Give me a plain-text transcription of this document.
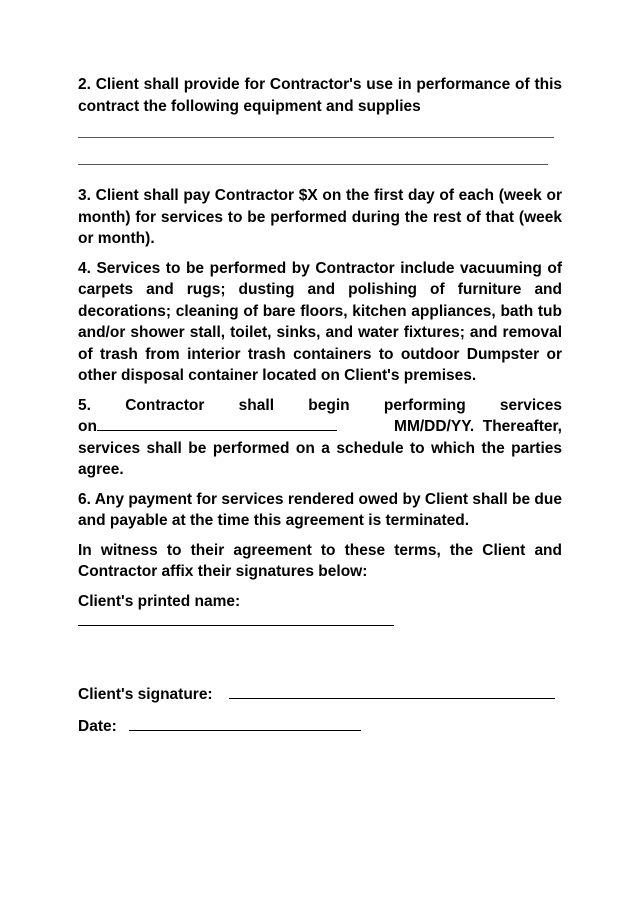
2. Client shall provide for Contractor's use in performance of this contract the following equipment and supplies

3. Client shall pay Contractor $X on the first day of each (week or month) for services to be performed during the rest of that (week or month).

4. Services to be performed by Contractor include vacuuming of carpets and rugs; dusting and polishing of furniture and decorations; cleaning of bare floors, kitchen appliances, bath tub and/or shower stall, toilet, sinks, and water fixtures; and removal of trash from interior trash containers to outdoor Dumpster or other disposal container located on Client's premises.

5.   Contractor   shall   begin   performing   services
on	MM/DD/YY.  Thereafter,
services shall be performed on a schedule to which the parties agree.

6. Any payment for services rendered owed by Client shall be due and payable at the time this agreement is terminated.

In witness to their agreement to these terms, the Client and Contractor affix their signatures below:

Client's printed name:
Client's signature:
Date:
